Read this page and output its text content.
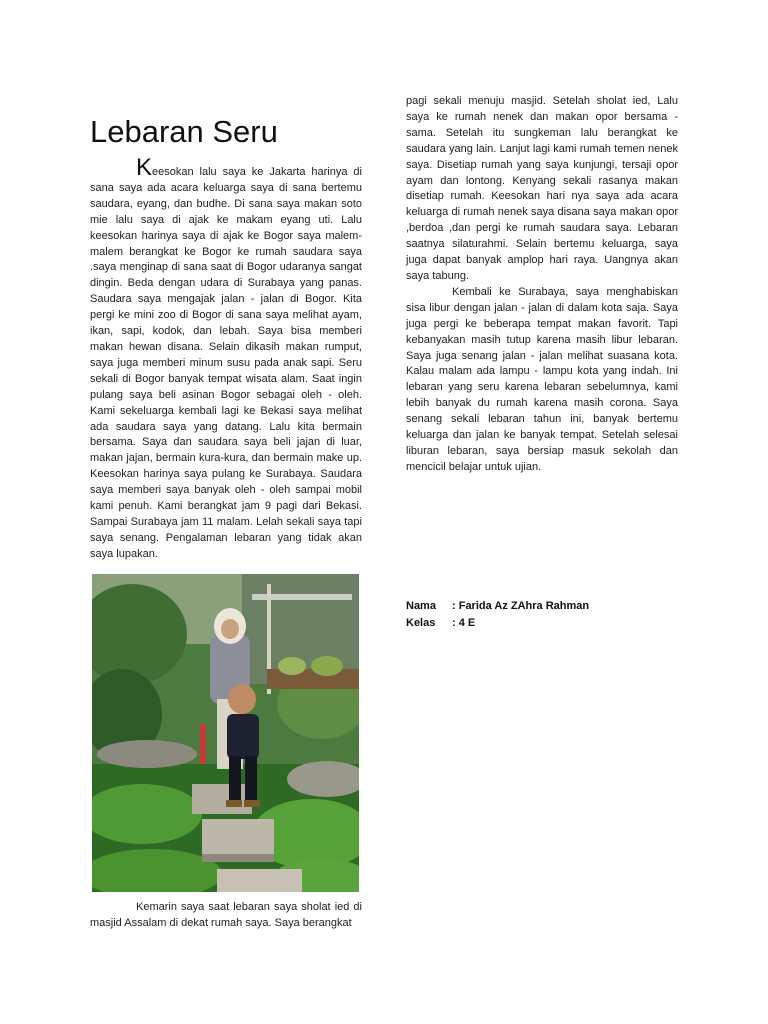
Lebaran Seru

Keesokan lalu saya ke Jakarta harinya di sana saya ada acara keluarga saya di sana bertemu saudara, eyang, dan budhe. Di sana saya makan soto mie lalu saya di ajak ke makam eyang uti. Lalu keesokan harinya saya di ajak ke Bogor saya malem-malem berangkat ke Bogor ke rumah saudara saya .saya menginap di sana saat di Bogor udaranya sangat dingin. Beda dengan udara di Surabaya yang panas. Saudara saya mengajak jalan - jalan di Bogor. Kita pergi ke mini zoo di Bogor di sana saya melihat ayam, ikan, sapi, kodok, dan lebah. Saya bisa memberi makan hewan disana. Selain dikasih makan rumput, saya juga memberi minum susu pada anak sapi. Seru sekali di Bogor banyak tempat wisata alam. Saat ingin pulang saya beli asinan Bogor sebagai oleh - oleh. Kami sekeluarga kembali lagi ke Bekasi saya melihat ada saudara saya yang datang. Lalu kita bermain bersama. Saya dan saudara saya beli jajan di luar, makan jajan, bermain kura-kura, dan bermain make up. Keesokan harinya saya pulang ke Surabaya. Saudara saya memberi saya banyak oleh - oleh sampai mobil kami penuh. Kami berangkat jam 9 pagi dari Bekasi. Sampai Surabaya jam 11 malam. Lelah sekali saya tapi saya senang. Pengalaman lebaran yang tidak akan saya lupakan.

Kemarin saya saat lebaran saya sholat ied di masjid Assalam di dekat rumah saya. Saya berangkat

pagi sekali menuju masjid. Setelah sholat ied, Lalu saya ke rumah nenek dan makan opor bersama - sama. Setelah itu sungkeman lalu berangkat ke saudara yang lain. Lanjut lagi kami rumah temen nenek saya. Disetiap rumah yang saya kunjungi, tersaji opor ayam dan lontong. Kenyang sekali rasanya makan disetiap rumah. Keesokan hari nya saya ada acara keluarga di rumah nenek saya disana saya makan opor ,berdoa ,dan pergi ke rumah saudara saya. Lebaran saatnya silaturahmi. Selain bertemu keluarga, saya juga dapat banyak amplop hari raya. Uangnya akan saya tabung.

Kembali ke Surabaya, saya menghabiskan sisa libur dengan jalan - jalan di dalam kota saja. Saya juga pergi ke beberapa tempat makan favorit. Tapi kebanyakan masih tutup karena masih libur lebaran. Saya juga senang jalan - jalan melihat suasana kota. Kalau malam ada lampu - lampu kota yang indah. Ini lebaran yang seru karena lebaran sebelumnya, kami lebih banyak du rumah karena masih corona. Saya senang sekali lebaran tahun ini, banyak bertemu keluarga dan jalan ke banyak tempat. Setelah selesai liburan lebaran, saya bersiap masuk sekolah dan mencicil belajar untuk ujian.

Nama	: Farida Az ZAhra Rahman
Kelas	: 4 E
